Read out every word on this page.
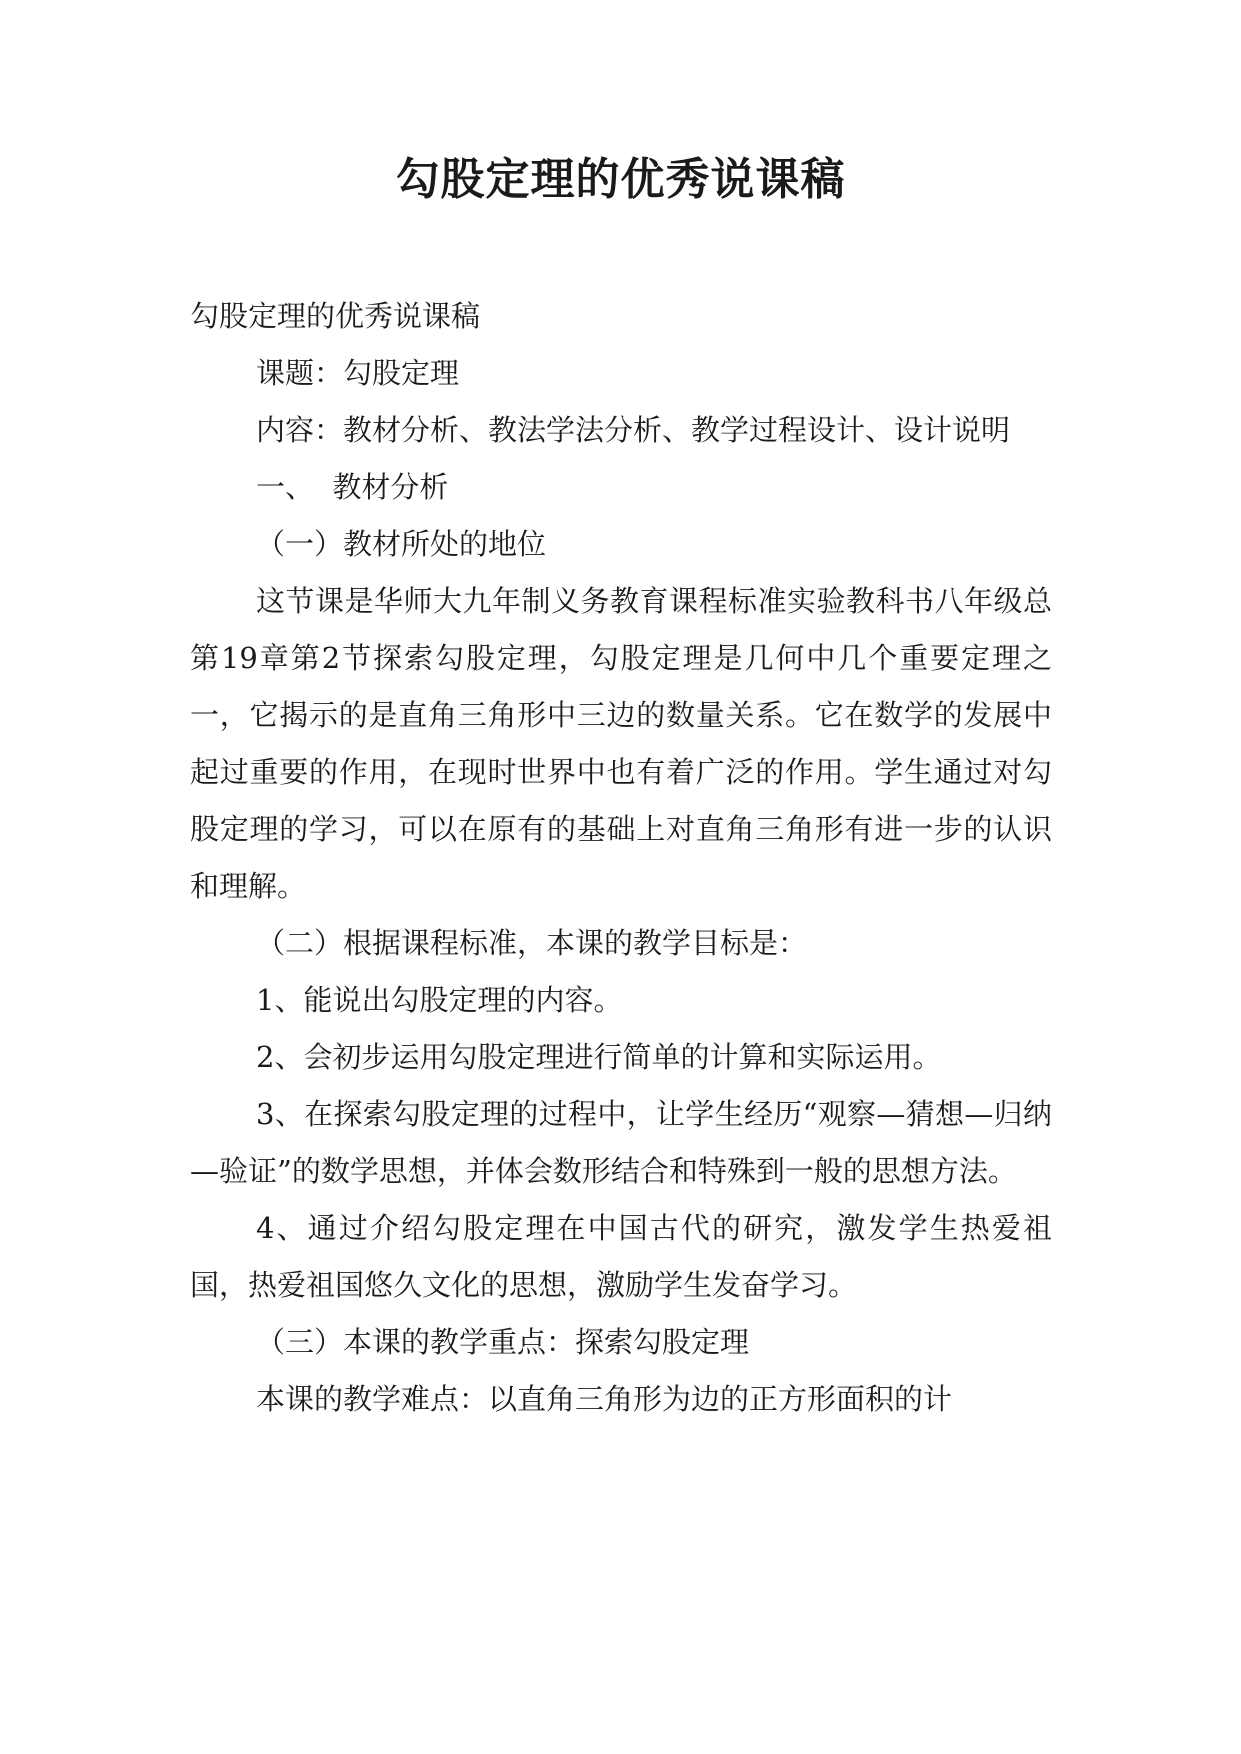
勾股定理的优秀说课稿

勾股定理的优秀说课稿

课题：勾股定理

内容：教材分析、教法学法分析、教学过程设计、设计说明

一、  教材分析

（一）教材所处的地位

这节课是华师大九年制义务教育课程标准实验教科书八年级总第19章第2节探索勾股定理，勾股定理是几何中几个重要定理之一，它揭示的是直角三角形中三边的数量关系。它在数学的发展中起过重要的作用，在现时世界中也有着广泛的作用。学生通过对勾股定理的学习，可以在原有的基础上对直角三角形有进一步的认识和理解。

（二）根据课程标准，本课的教学目标是：

1、能说出勾股定理的内容。

2、会初步运用勾股定理进行简单的计算和实际运用。

3、在探索勾股定理的过程中，让学生经历“观察—猜想—归纳—验证”的数学思想，并体会数形结合和特殊到一般的思想方法。

4、通过介绍勾股定理在中国古代的研究，激发学生热爱祖国，热爱祖国悠久文化的思想，激励学生发奋学习。

（三）本课的教学重点：探索勾股定理

本课的教学难点：以直角三角形为边的正方形面积的计
